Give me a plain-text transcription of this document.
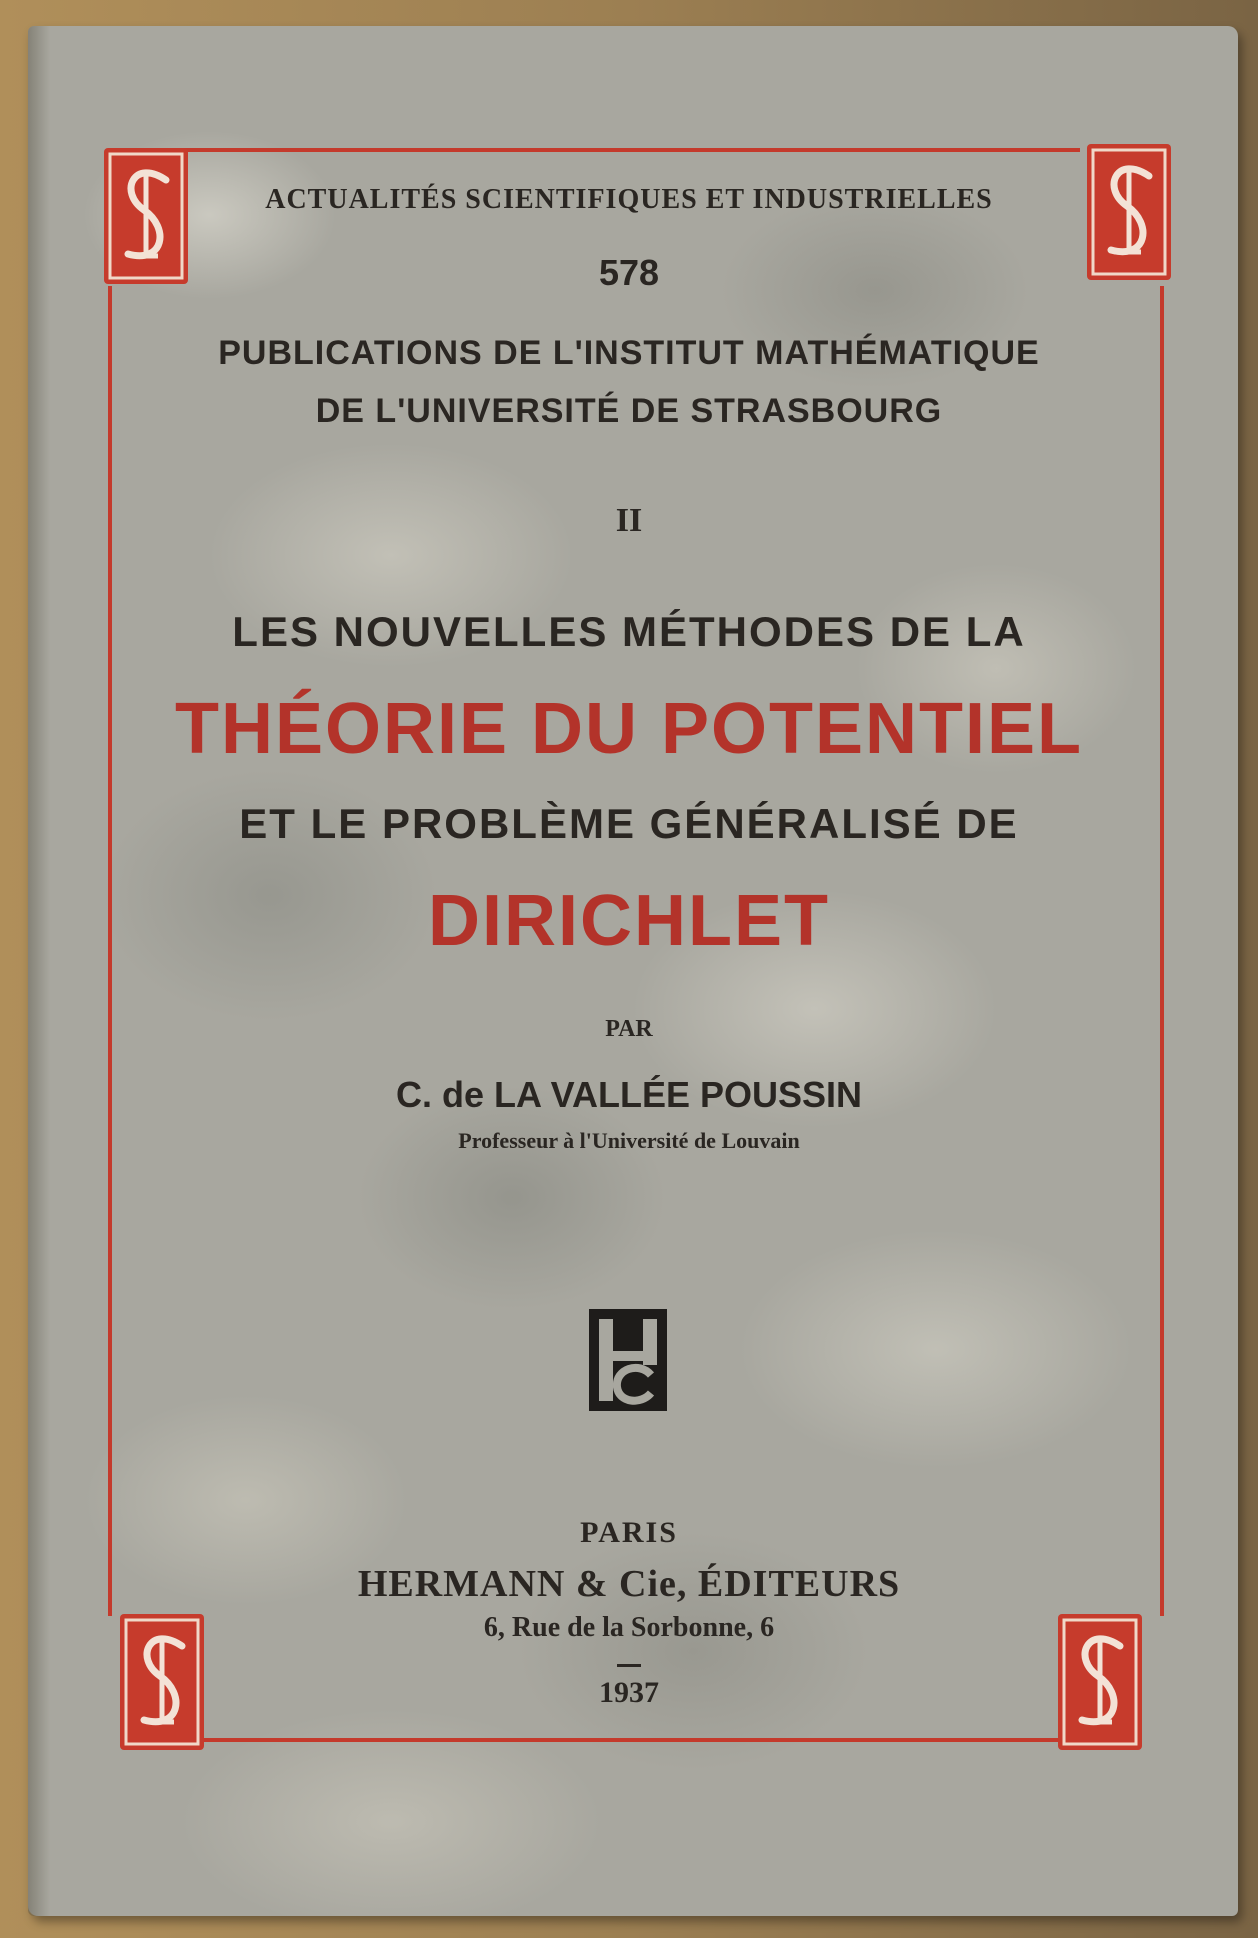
ACTUALITÉS SCIENTIFIQUES ET INDUSTRIELLES
578
PUBLICATIONS DE L'INSTITUT MATHÉMATIQUE
DE L'UNIVERSITÉ DE STRASBOURG
II
LES NOUVELLES MÉTHODES DE LA
THÉORIE DU POTENTIEL
ET LE PROBLÈME GÉNÉRALISÉ DE
DIRICHLET
PAR
C. de LA VALLÉE POUSSIN
Professeur à l'Université de Louvain
PARIS
HERMANN & Cie, ÉDITEURS
6, Rue de la Sorbonne, 6
1937
